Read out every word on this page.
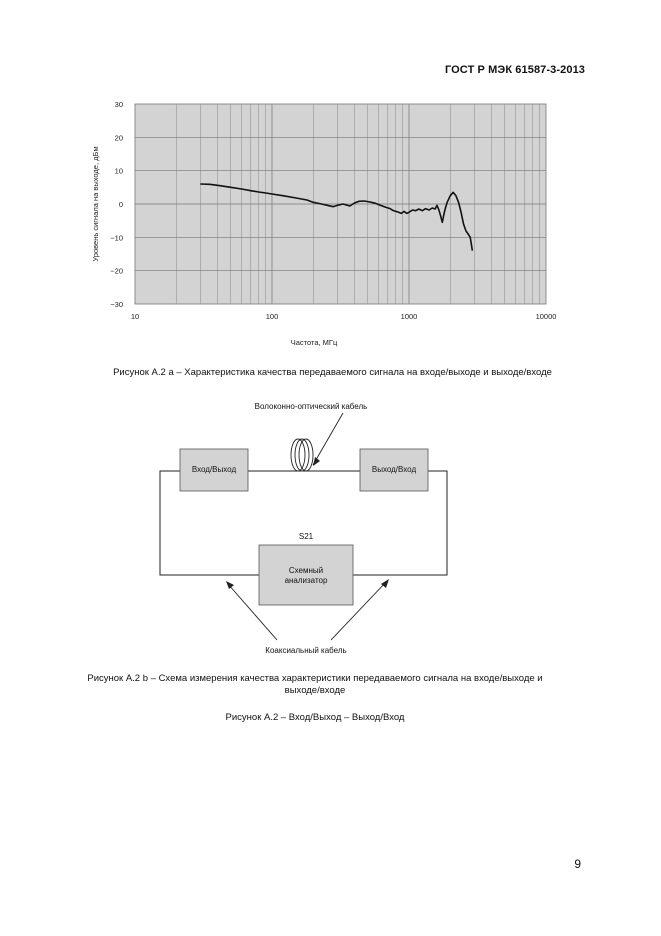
ГОСТ Р МЭК 61587-3-2013
30
20
10
0
−10
−20
−30
10	100	1000	10000
Уровень сигнала на выходе, дБм
Частота, МГц
Рисунок А.2 а – Характеристика качества передаваемого сигнала на входе/выходе и выходе/входе
Волоконно-оптический кабель
Вход/Выход	Выход/Вход
S21
Схемный
анализатор
Коаксиальный кабель
Рисунок А.2 b – Схема измерения качества характеристики передаваемого сигнала на входе/выходе и
выходе/входе
Рисунок А.2 – Вход/Выход – Выход/Вход
9
